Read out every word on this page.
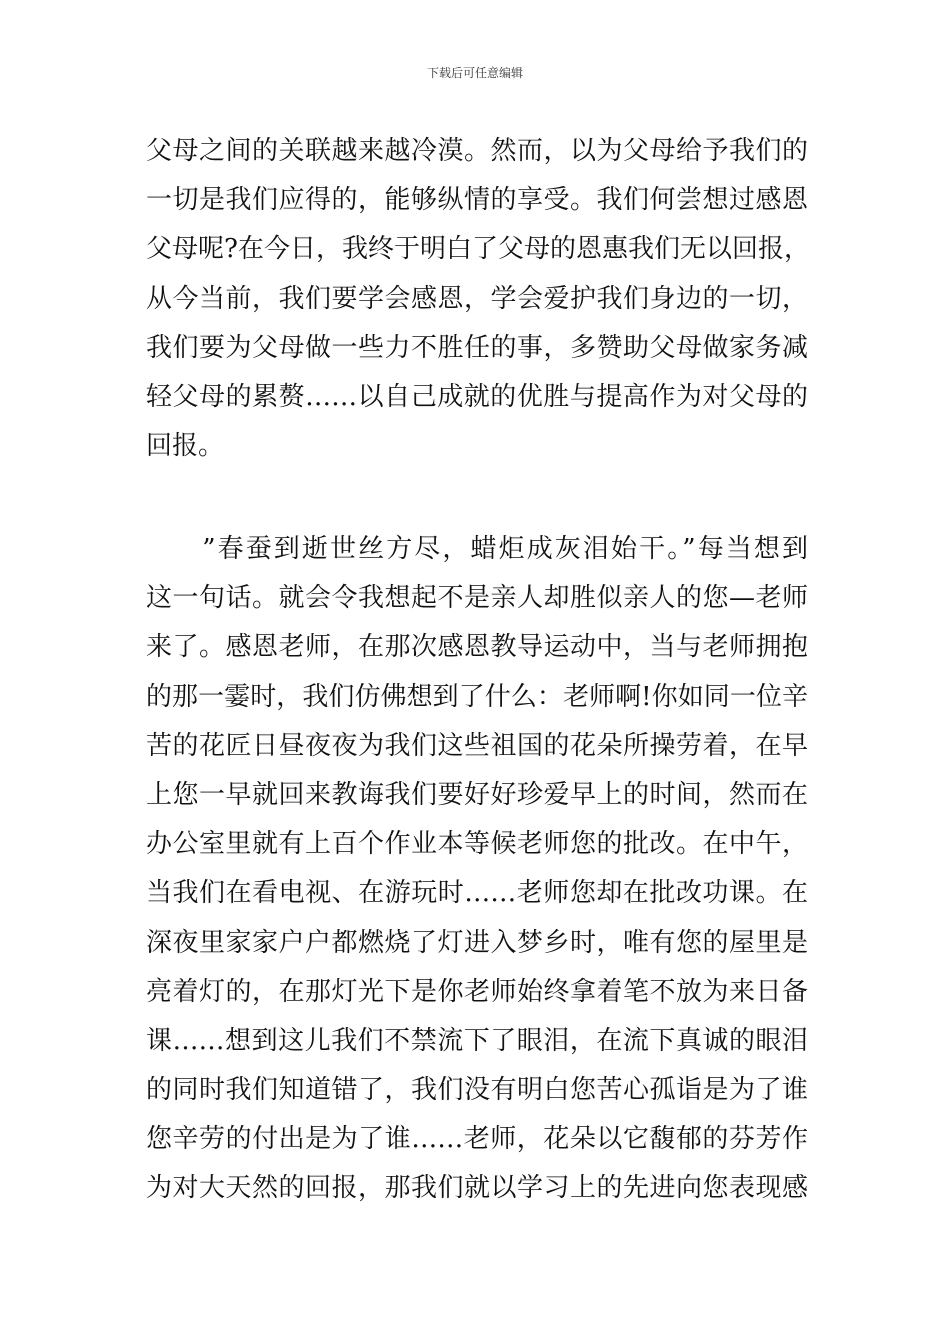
下载后可任意编辑
父母之间的关联越来越冷漠。然而，以为父母给予我们的
一切是我们应得的，能够纵情的享受。我们何尝想过感恩
父母呢?在今日，我终于明白了父母的恩惠我们无以回报，
从今当前，我们要学会感恩，学会爱护我们身边的一切，
我们要为父母做一些力不胜任的事，多赞助父母做家务减
轻父母的累赘……以自己成就的优胜与提高作为对父母的
回报。
　　”春蚕到逝世丝方尽，蜡炬成灰泪始干。”每当想到
这一句话。就会令我想起不是亲人却胜似亲人的您—老师
来了。感恩老师，在那次感恩教导运动中，当与老师拥抱
的那一霎时，我们仿佛想到了什么：老师啊!你如同一位辛
苦的花匠日昼夜夜为我们这些祖国的花朵所操劳着，在早
上您一早就回来教诲我们要好好珍爱早上的时间，然而在
办公室里就有上百个作业本等候老师您的批改。在中午，
当我们在看电视、在游玩时……老师您却在批改功课。在
深夜里家家户户都燃烧了灯进入梦乡时，唯有您的屋里是
亮着灯的，在那灯光下是你老师始终拿着笔不放为来日备
课……想到这儿我们不禁流下了眼泪，在流下真诚的眼泪
的同时我们知道错了，我们没有明白您苦心孤诣是为了谁
您辛劳的付出是为了谁……老师，花朵以它馥郁的芬芳作
为对大天然的回报，那我们就以学习上的先进向您表现感
